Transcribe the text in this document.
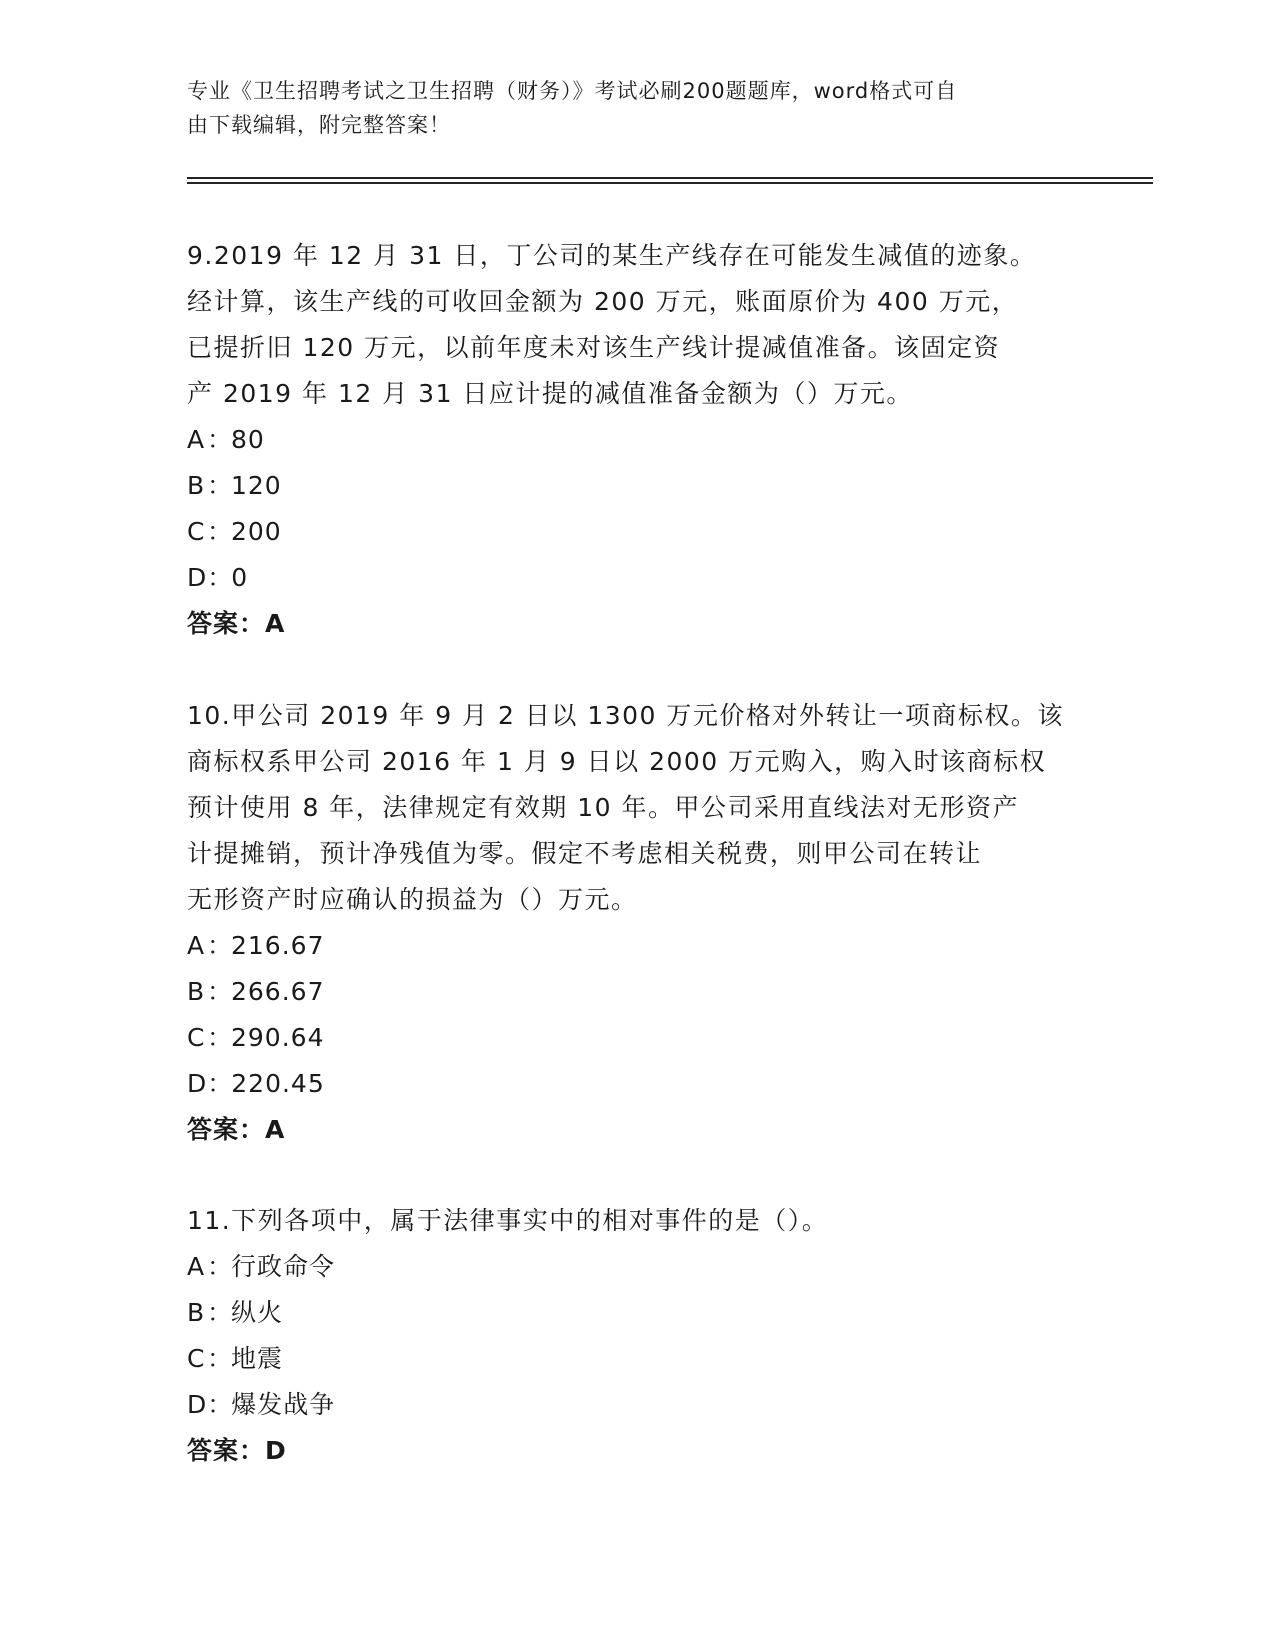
专业《卫生招聘考试之卫生招聘（财务）》考试必刷200题题库，word格式可自
由下载编辑，附完整答案！

9.2019 年 12 月 31 日，丁公司的某生产线存在可能发生减值的迹象。

经计算，该生产线的可收回金额为 200 万元，账面原价为 400 万元，

已提折旧 120 万元，以前年度未对该生产线计提减值准备。该固定资

产 2019 年 12 月 31 日应计提的减值准备金额为（）万元。

A：80

B：120

C：200

D：0

答案：A

10.甲公司 2019 年 9 月 2 日以 1300 万元价格对外转让一项商标权。该

商标权系甲公司 2016 年 1 月 9 日以 2000 万元购入，购入时该商标权

预计使用 8 年，法律规定有效期 10 年。甲公司采用直线法对无形资产

计提摊销，预计净残值为零。假定不考虑相关税费，则甲公司在转让

无形资产时应确认的损益为（）万元。

A：216.67

B：266.67

C：290.64

D：220.45

答案：A

11.下列各项中，属于法律事实中的相对事件的是（）。

A：行政命令

B：纵火

C：地震

D：爆发战争

答案：D
